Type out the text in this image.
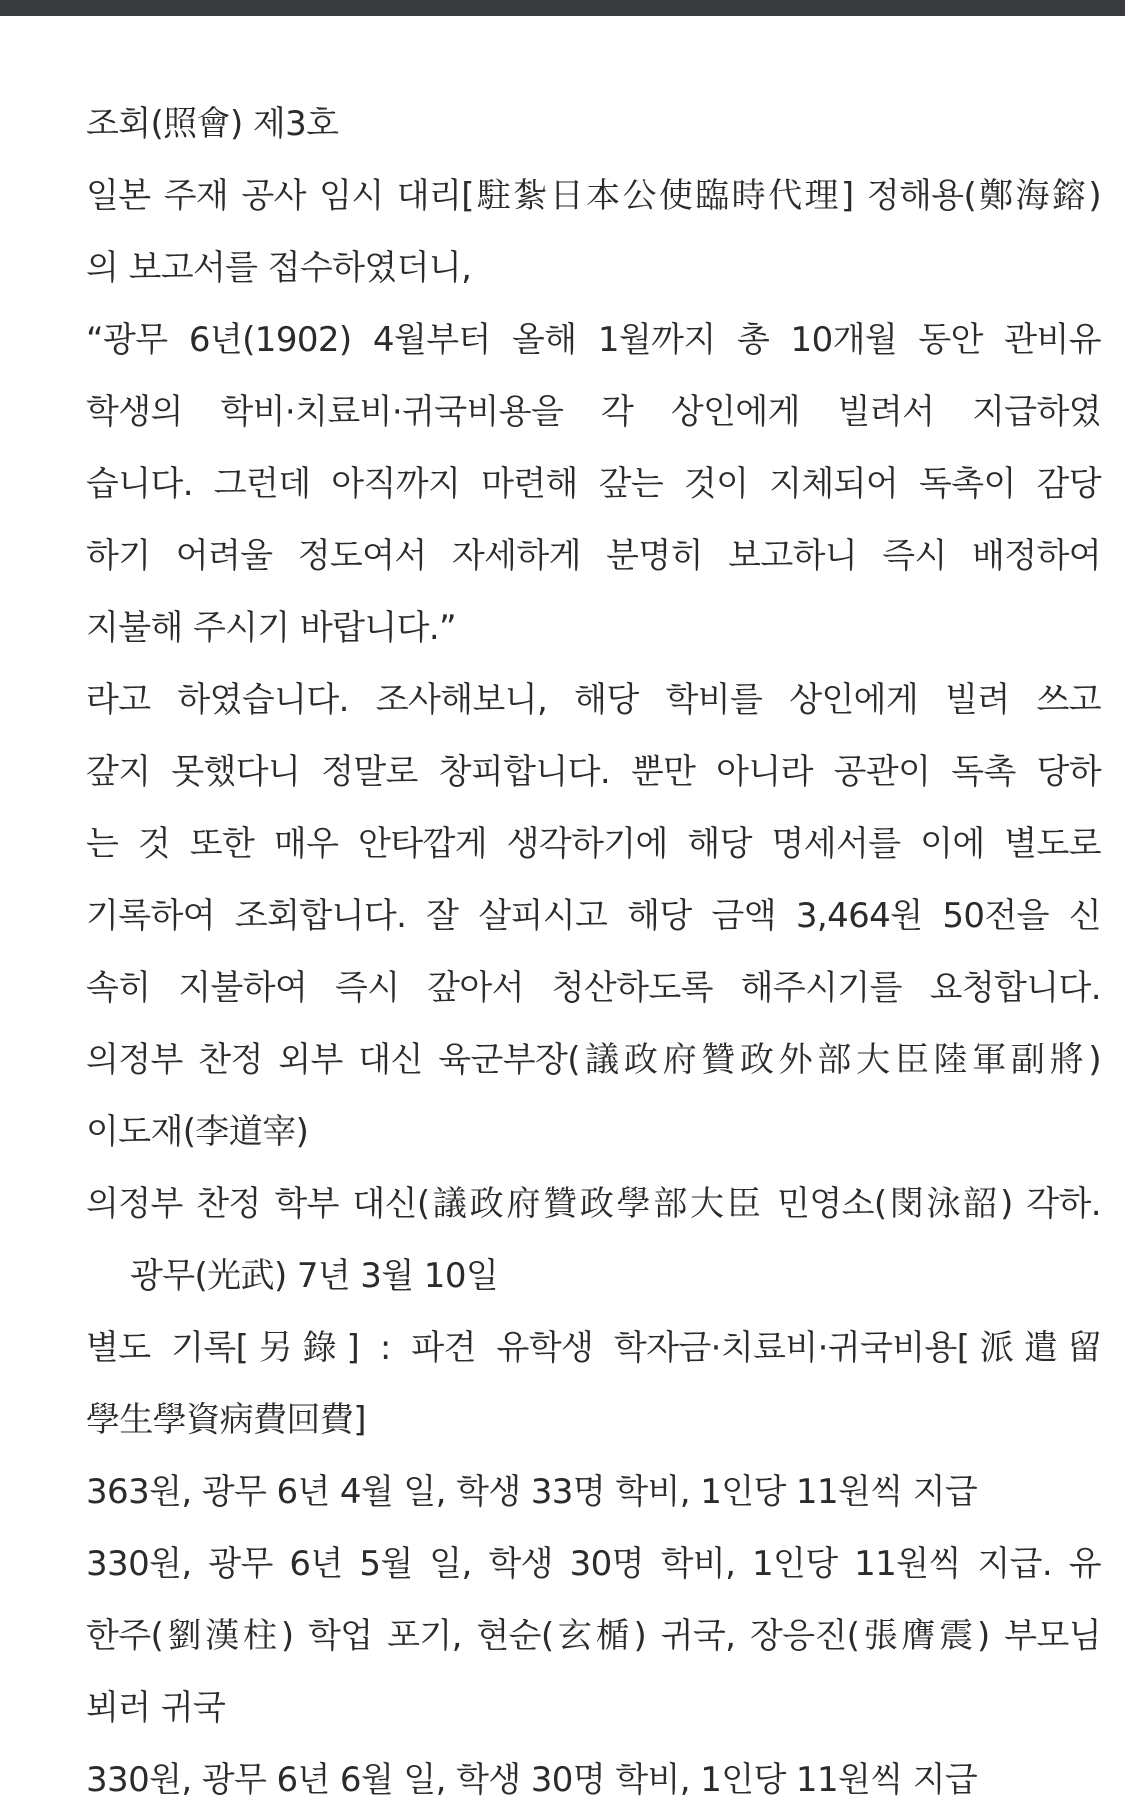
조회(照會) 제3호
일본 주재 공사 임시 대리[駐紮日本公使臨時代理] 정해용(鄭海鎔)
의 보고서를 접수하였더니,
“광무 6년(1902) 4월부터 올해 1월까지 총 10개월 동안 관비유
학생의 학비·치료비·귀국비용을 각 상인에게 빌려서 지급하였
습니다. 그런데 아직까지 마련해 갚는 것이 지체되어 독촉이 감당
하기 어려울 정도여서 자세하게 분명히 보고하니 즉시 배정하여
지불해 주시기 바랍니다.”
라고 하였습니다. 조사해보니, 해당 학비를 상인에게 빌려 쓰고
갚지 못했다니 정말로 창피합니다. 뿐만 아니라 공관이 독촉 당하
는 것 또한 매우 안타깝게 생각하기에 해당 명세서를 이에 별도로
기록하여 조회합니다. 잘 살피시고 해당 금액 3,464원 50전을 신
속히 지불하여 즉시 갚아서 청산하도록 해주시기를 요청합니다.
의정부 찬정 외부 대신 육군부장(議政府贊政外部大臣陸軍副將)
이도재(李道宰)
의정부 찬정 학부 대신(議政府贊政學部大臣 민영소(閔泳韶) 각하.
광무(光武) 7년 3월 10일
별도 기록[另錄] : 파견 유학생 학자금·치료비·귀국비용[派遣留
學生學資病費回費]
363원, 광무 6년 4월 일, 학생 33명 학비, 1인당 11원씩 지급
330원, 광무 6년 5월 일, 학생 30명 학비, 1인당 11원씩 지급. 유
한주(劉漢柱) 학업 포기, 현순(玄楯) 귀국, 장응진(張膺震) 부모님
뵈러 귀국
330원, 광무 6년 6월 일, 학생 30명 학비, 1인당 11원씩 지급
